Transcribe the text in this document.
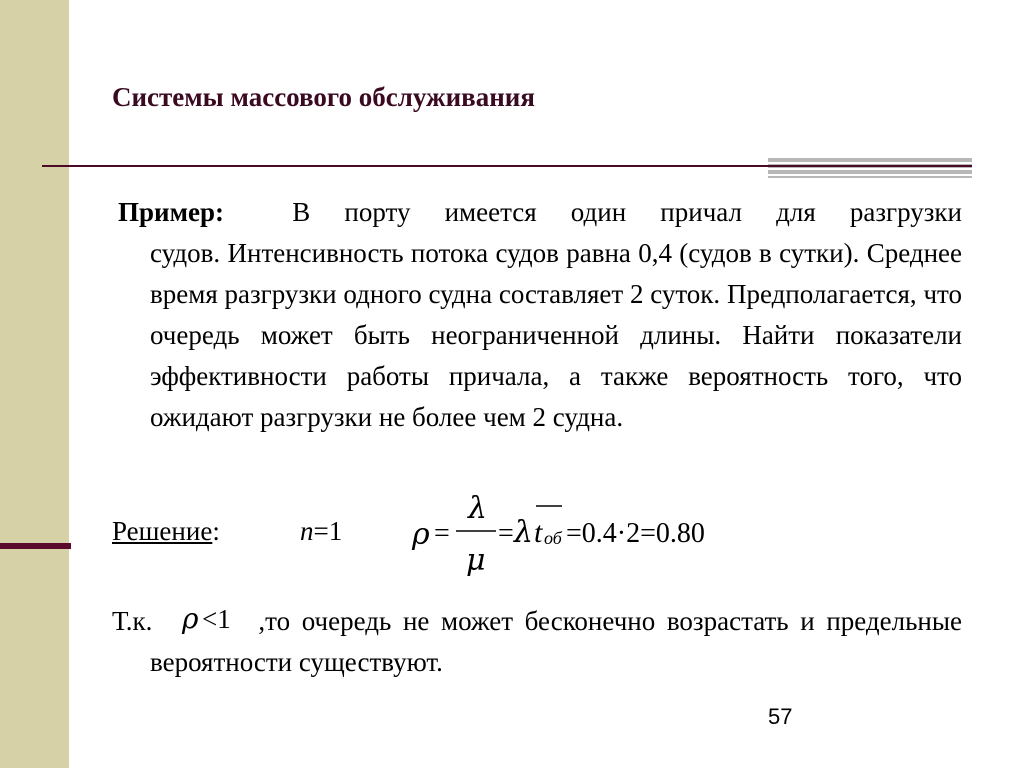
Системы массового обслуживания
Пример:	В порту имеется один причал для разгрузки
судов. Интенсивность потока судов равна 0,4 (судов в сутки). Среднее время разгрузки одного судна составляет 2 суток. Предполагается, что очередь может быть неограниченной длины. Найти показатели эффективности работы причала, а также вероятность того, что ожидают разгрузки не более чем 2 судна.
Решение:	n=1 ρ =
λ
μ
= λ t об =0.4·2=0.80
ρ <1
Т.к.	,то очередь не может бесконечно возрастать и предельные вероятности существуют.
57
